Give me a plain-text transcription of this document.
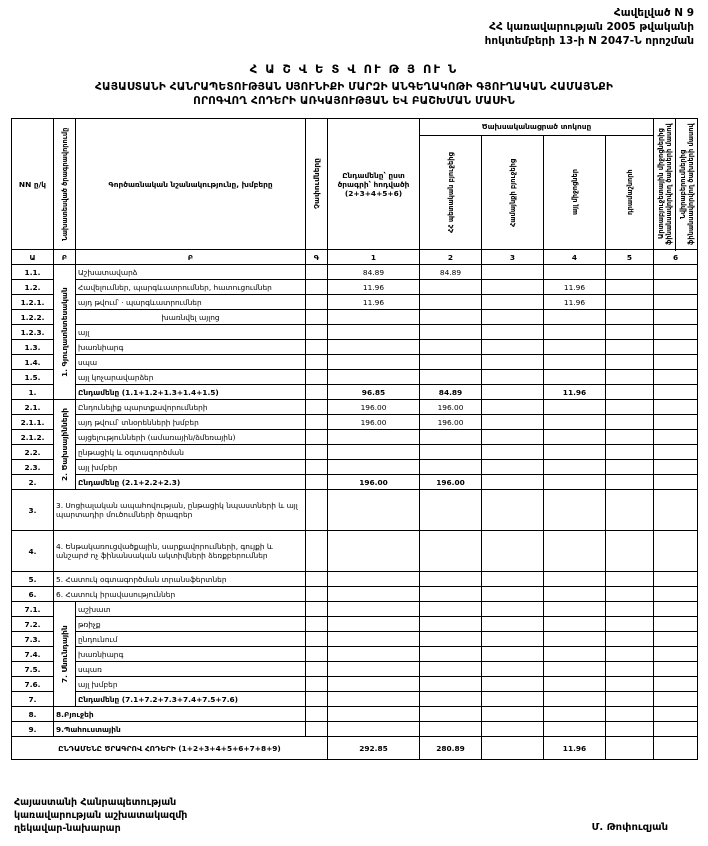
Հավելված N 9
ՀՀ կառավարության 2005 թվականի
հոկտեմբերի 13-ի N 2047-Ն որոշման
Հ Ա Շ Վ Ե Տ Վ ՈՒ Թ Յ ՈՒ Ն
ՀԱՅԱՍՏԱՆԻ ՀԱՆՐԱՊԵՏՈՒԹՅԱՆ ՍՅՈՒՆԻՔԻ ՄԱՐԶԻ ԱՆԳԵՂԱԿՈԹԻ ԳՅՈՒՂԱԿԱՆ ՀԱՄԱՅՆՔԻ
ՈՐՈԳՎՈՂ ՀՈԴԵՐԻ ԱՌԿԱՅՈՒԹՅԱՆ ԵՎ ԲԱՇԽՄԱՆ ՄԱՍԻՆ
NN ը/կ	Նախատեսված ծրագրավորումը	Գործառնական նշանակությունը, խմբերը	Չափումները	Ընդամենը՝ ըստ ծրագրի՝ հոդվածի (2+3+4+5+6)	Ծախսականացրած տոկոսը				Արտաբյուջետային միջոցներից ֆինանսավորվող ծախսերի մասով	Նվիրաբերումներից ֆինանսավորվող ծախսերի մասով

					ՀՀ պետական բյուջեից	Համայնքի բյուջեից	այլ միջոցներ	դրամաշնորհ		

Ա	Բ	Բ	Գ	1	2	3	4	5	6	
1.1.	1. Գյուղատնտեսական	Աշխատավարձ		84.89	84.89					
1.2.		Հավելումներ, պարգևատրումներ, հատուցումներ		11.96			11.96			
1.2.1.		այդ թվում՝ · պարգևատրումներ		11.96			11.96			
1.2.2.		խառնվել այլոց								
1.2.3.		այլ								
1.3.		խառնիարգ								
1.4.		սպա								
1.5.		այլ կոչարավարձեր								
1.		Ընդամենը (1.1+1.2+1.3+1.4+1.5)		96.85	84.89		11.96			
2.1.	2. Ծախսայինների	Ընդունելիք պարտքավորումների		196.00	196.00					
2.1.1.		այդ թվում՝ տնօրենների խմբեր		196.00	196.00					
2.1.2.		այցելությունների (ամառային/ձմեռային)								
2.2.		ընթացիկ և օգտագործման								
2.3.		այլ խմբեր								
2.		Ընդամենը (2.1+2.2+2.3)		196.00	196.00					
3.	3. Սոցիալական ապահովության, ընթացիկ նպաստների և այլ պարտադիր մուծումների ծրագրեր									
4.	4. Ենթակառուցվածքային, սարքավորումների, գույքի և անշարժ ոչ ֆինանսական ակտիվների ձեռքբերումներ									
5.	5. Հատուկ օգտագործման տրանսֆերտներ									
6.	6. Հատուկ իրավասություններ									
7.1.	7. Սնունդային	աշխատ								
7.2.		թռիչք								
7.3.		ընդունում								
7.4.		խառնիարգ								
7.5.		սպառ								
7.6.		այլ խմբեր								
7.		Ընդամենը (7.1+7.2+7.3+7.4+7.5+7.6)								
8.	8.Բյուջեի									
9.	9.Պահուստային									
ԸՆԴԱՄԵՆԸ ԾՐԱԳՐՈՎ ՀՈԴԵՐԻ (1+2+3+4+5+6+7+8+9)				292.85	280.89		11.96			
Հայաստանի Հանրապետության
կառավարության աշխատակազմի
ղեկավար-նախարար	Մ. Թոփուզյան
